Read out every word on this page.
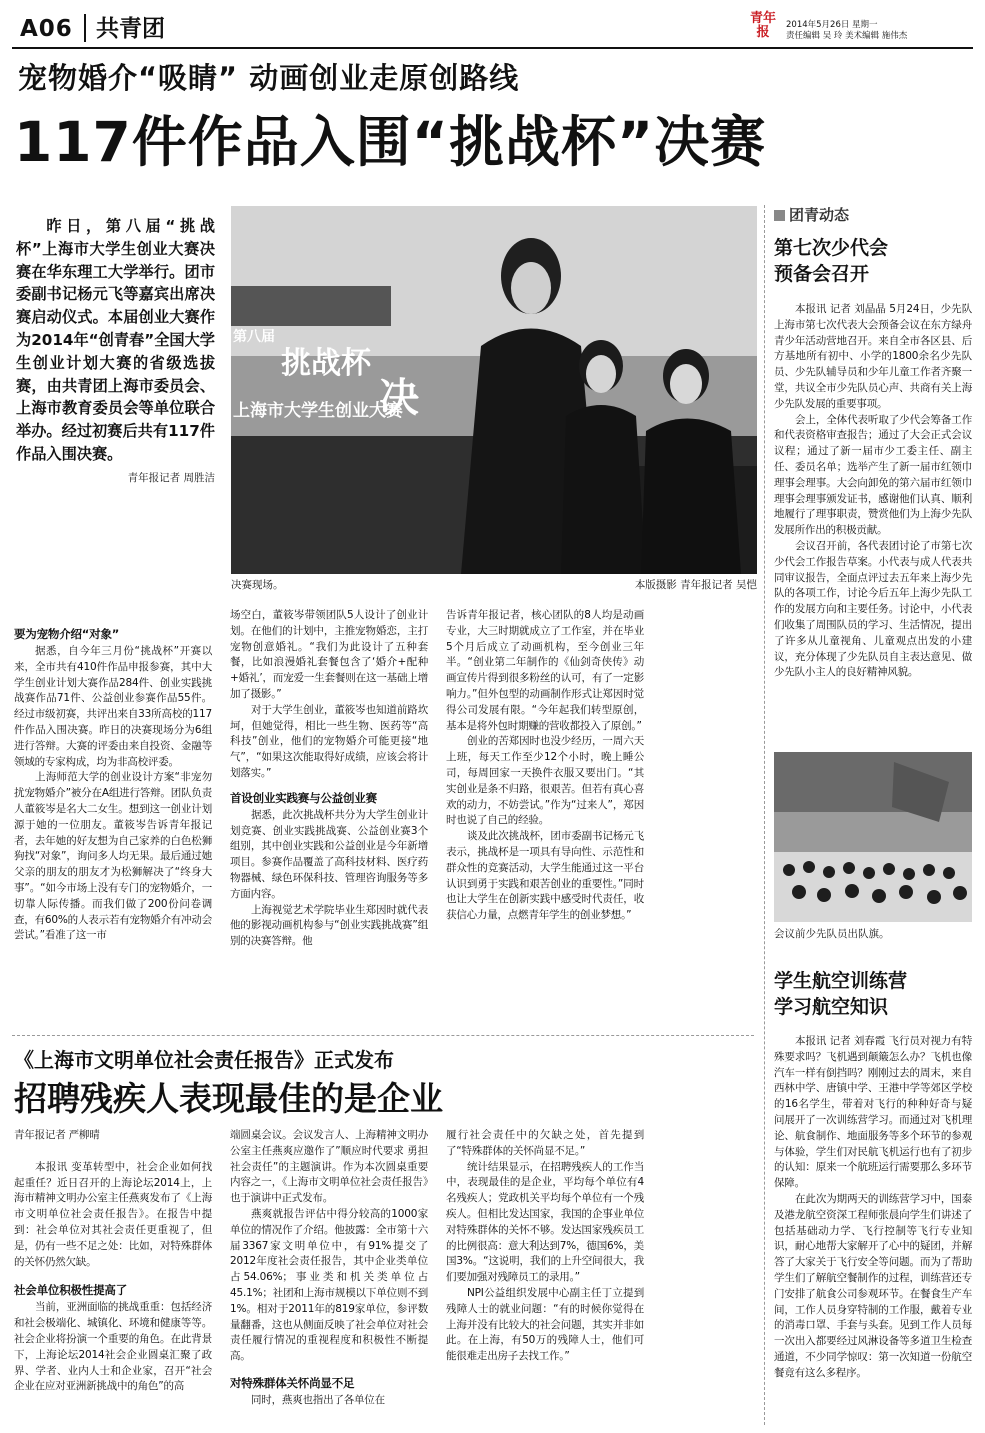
A06 共青团	青年报	2014年5月26日 星期一
责任编辑 吴 玲 美术编辑 施伟杰
宠物婚介“吸睛” 动画创业走原创路线
117件作品入围“挑战杯”决赛

昨日，第八届“挑战杯”上海市大学生创业大赛决赛在华东理工大学举行。团市委副书记杨元飞等嘉宾出席决赛启动仪式。本届创业大赛作为2014年“创青春”全国大学生创业计划大赛的省级选拔赛，由共青团上海市委员会、上海市教育委员会等单位联合举办。经过初赛后共有117件作品入围决赛。

青年报记者 周胜洁
第八届
挑战杯
上海市大学生创业大赛
决
决赛现场。	本版摄影 青年报记者 吴恺
要为宠物介绍“对象”

据悉，自今年三月份“挑战杯”开赛以来，全市共有410件作品申报参赛，其中大学生创业计划大赛作品284件、创业实践挑战赛作品71件、公益创业参赛作品55件。经过市级初赛，共评出来自33所高校的117件作品入围决赛。昨日的决赛现场分为6组进行答辩。大赛的评委由来自投资、金融等领域的专家构成，均为非高校评委。

上海师范大学的创业设计方案“非宠勿扰宠物婚介”被分在A组进行答辩。团队负责人董筱岑是名大二女生。想到这一创业计划源于她的一位朋友。董筱岑告诉青年报记者，去年她的好友想为自己家养的白色松狮狗找“对象”，询问多人均无果。最后通过她父亲的朋友的朋友才为松狮解决了“终身大事”。“如今市场上没有专门的宠物婚介，一切靠人际传播。而我们做了200份问卷调查，有60%的人表示若有宠物婚介有冲动会尝试。”看准了这一市

场空白，董筱岑带领团队5人设计了创业计划。在他们的计划中，主推宠物婚恋，主打宠物创意婚礼。“我们为此设计了五种套餐，比如浪漫婚礼套餐包含了‘婚介+配种+婚礼’，而宠爱一生套餐则在这一基础上增加了摄影。”

对于大学生创业，董筱岑也知道前路坎坷，但她觉得，相比一些生物、医药等“高科技”创业，他们的宠物婚介可能更接“地气”，“如果这次能取得好成绩，应该会将计划落实。”

首设创业实践赛与公益创业赛

据悉，此次挑战杯共分为大学生创业计划竞赛、创业实践挑战赛、公益创业赛3个组别，其中创业实践和公益创业是今年新增项目。参赛作品覆盖了高科技材料、医疗药物器械、绿色环保科技、管理咨询服务等多方面内容。

上海视觉艺术学院毕业生郑因时就代表他的影视动画机构参与“创业实践挑战赛”组别的决赛答辩。他

告诉青年报记者，核心团队的8人均是动画专业，大三时期就成立了工作室，并在毕业5个月后成立了动画机构，至今创业三年半。“创业第二年制作的《仙剑奇侠传》动画宣传片得到很多粉丝的认可，有了一定影响力。”但外包型的动画制作形式让郑因时觉得公司发展有限。“今年起我们转型原创，基本是将外包时期赚的营收都投入了原创。”

创业的苦郑因时也没少经历，一周六天上班，每天工作至少12个小时，晚上睡公司，每周回家一天换件衣服又要出门。“其实创业是条不归路，很艰苦。但若有真心喜欢的动力，不妨尝试。”作为“过来人”，郑因时也说了自己的经验。

谈及此次挑战杯，团市委副书记杨元飞表示，挑战杯是一项具有导向性、示范性和群众性的竞赛活动，大学生能通过这一平台认识到勇于实践和艰苦创业的重要性。”同时也让大学生在创新实践中感受时代责任，收获信心力量，点燃青年学生的创业梦想。”

团青动态
第七次少代会
预备会召开

本报讯 记者 刘晶晶 5月24日，少先队上海市第七次代表大会预备会议在东方绿舟青少年活动营地召开。来自全市各区县、后方基地所有初中、小学的1800余名少先队员、少先队辅导员和少年儿童工作者齐聚一堂，共议全市少先队员心声、共商有关上海少先队发展的重要事项。

会上，全体代表听取了少代会筹备工作和代表资格审查报告；通过了大会正式会议议程；通过了新一届市少工委主任、副主任、委员名单；选举产生了新一届市红领巾理事会理事。大会向卸免的第六届市红领巾理事会理事颁发证书，感谢他们认真、顺利地履行了理事职责，赞赏他们为上海少先队发展所作出的积极贡献。

会议召开前，各代表团讨论了市第七次少代会工作报告草案。小代表与成人代表共同审议报告，全面点评过去五年来上海少先队的各项工作，讨论今后五年上海少先队工作的发展方向和主要任务。讨论中，小代表们收集了周围队员的学习、生活情况，提出了许多从儿童视角、儿童观点出发的小建议，充分体现了少先队员自主表达意见、做少先队小主人的良好精神风貌。

会议前少先队员出队旗。
学生航空训练营
学习航空知识

本报讯 记者 刘春霞 飞行员对视力有特殊要求吗？飞机遇到颠簸怎么办？飞机也像汽车一样有倒挡吗？刚刚过去的周末，来自西林中学、唐镇中学、王港中学等郊区学校的16名学生，带着对飞行的种种好奇与疑问展开了一次训练营学习。而通过对飞机理论、航食制作、地面服务等多个环节的参观与体验，学生们对民航飞机运行也有了初步的认知：原来一个航班运行需要那么多环节保障。

在此次为期两天的训练营学习中，国泰及港龙航空资深工程师张晨向学生们讲述了包括基础动力学、飞行控制等飞行专业知识，耐心地帮大家解开了心中的疑团，并解答了大家关于飞行安全等问题。而为了帮助学生们了解航空餐制作的过程，训练营还专门安排了航食公司参观环节。在餐食生产车间，工作人员身穿特制的工作服，戴着专业的消毒口罩、手套与头套。见到工作人员每一次出入都要经过风淋设备等多道卫生检查通道，不少同学惊叹：第一次知道一份航空餐竟有这么多程序。

《上海市文明单位社会责任报告》正式发布
招聘残疾人表现最佳的是企业
青年报记者 严柳晴

本报讯 变革转型中，社会企业如何找起重任？近日召开的上海论坛2014上，上海市精神文明办公室主任燕爽发布了《上海市文明单位社会责任报告》。在报告中提到：社会单位对其社会责任更重视了，但是，仍有一些不足之处：比如，对特殊群体的关怀仍然欠缺。

社会单位积极性提高了

当前，亚洲面临的挑战重重：包括经济和社会极端化、城镇化、环境和健康等等。社会企业将扮演一个重要的角色。在此背景下，上海论坛2014社会企业圆桌汇聚了政界、学者、业内人士和企业家，召开“社会企业在应对亚洲新挑战中的角色”的高

端圆桌会议。会议发言人、上海精神文明办公室主任燕爽应邀作了”顺应时代要求 勇担社会责任”的主题演讲。作为本次圆桌重要内容之一，《上海市文明单位社会责任报告》也于演讲中正式发布。

燕爽就报告评估中得分较高的1000家单位的情况作了介绍。他披露：全市第十六届3367家文明单位中，有91%提交了2012年度社会责任报告，其中企业类单位占54.06%；事业类和机关类单位占45.1%；社团和上海市规模以下单位则不到1%。相对于2011年的819家单位，参评数量翻番，这也从侧面反映了社会单位对社会责任履行情况的重视程度和积极性不断提高。

对特殊群体关怀尚显不足

同时，燕爽也指出了各单位在

履行社会责任中的欠缺之处，首先提到了“特殊群体的关怀尚显不足。”

统计结果显示，在招聘残疾人的工作当中，表现最佳的是企业，平均每个单位有4名残疾人；党政机关平均每个单位有一个残疾人。但相比发达国家，我国的企事业单位对特殊群体的关怀不够。发达国家残疾员工的比例很高：意大利达到7%，德国6%，美国3%。“这说明，我们的上升空间很大，我们要加强对残障员工的录用。”

NPI公益组织发展中心副主任丁立提到残障人士的就业问题：“有的时候你觉得在上海并没有比较大的社会问题，其实并非如此。在上海，有50万的残障人士，他们可能很难走出房子去找工作。”
